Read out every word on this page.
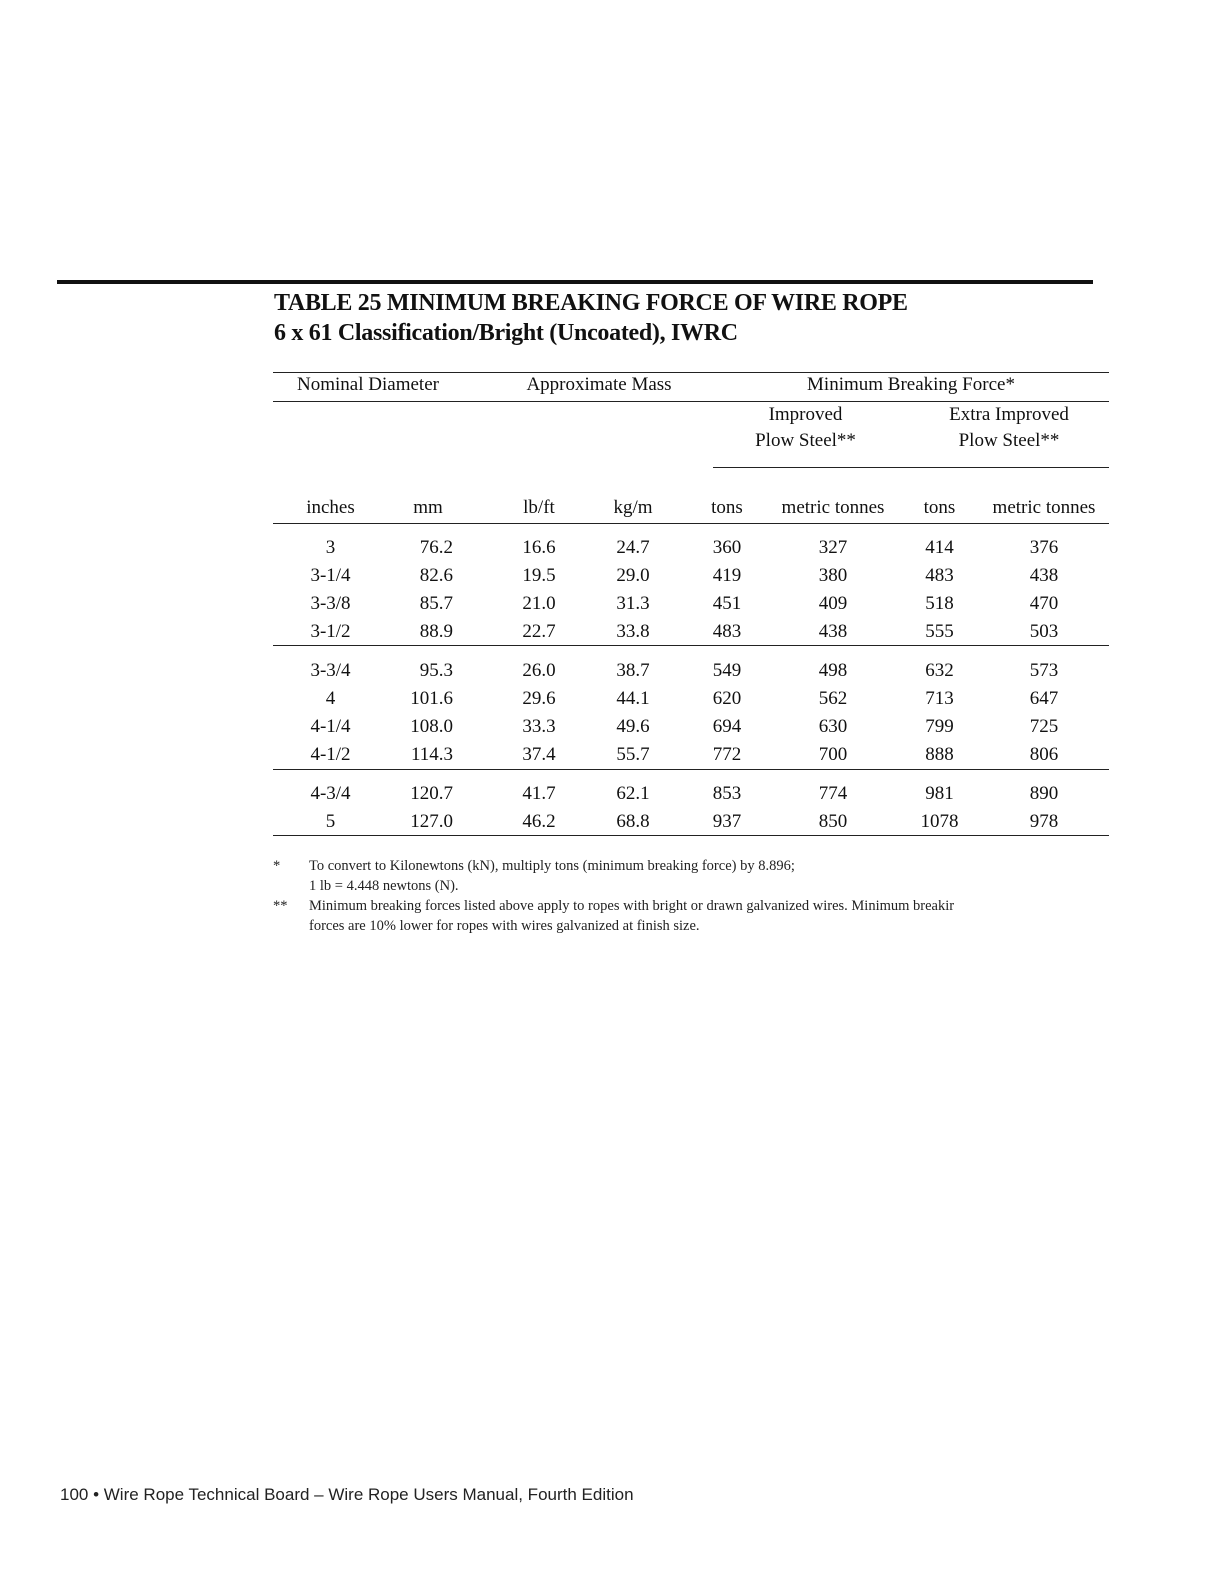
TABLE 25 MINIMUM BREAKING FORCE OF WIRE ROPE
6 x 61 Classification/Bright (Uncoated), IWRC
Nominal Diameter	Approximate Mass	Minimum Breaking Force*
Improved
Plow Steel**
Extra Improved
Plow Steel**
inches	mm	lb/ft	kg/m	tons	metric tonnes	tons	metric tonnes
3	76.2	16.6	24.7	360	327	414	376
3-1/4	82.6	19.5	29.0	419	380	483	438
3-3/8	85.7	21.0	31.3	451	409	518	470
3-1/2	88.9	22.7	33.8	483	438	555	503
3-3/4	95.3	26.0	38.7	549	498	632	573
4	101.6	29.6	44.1	620	562	713	647
4-1/4	108.0	33.3	49.6	694	630	799	725
4-1/2	114.3	37.4	55.7	772	700	888	806
4-3/4	120.7	41.7	62.1	853	774	981	890
5	127.0	46.2	68.8	937	850	1078	978
* To convert to Kilonewtons (kN), multiply tons (minimum breaking force) by 8.896;
1 lb = 4.448 newtons (N).
** Minimum breaking forces listed above apply to ropes with bright or drawn galvanized wires. Minimum breakir
forces are 10% lower for ropes with wires galvanized at finish size.
100 • Wire Rope Technical Board – Wire Rope Users Manual, Fourth Edition
